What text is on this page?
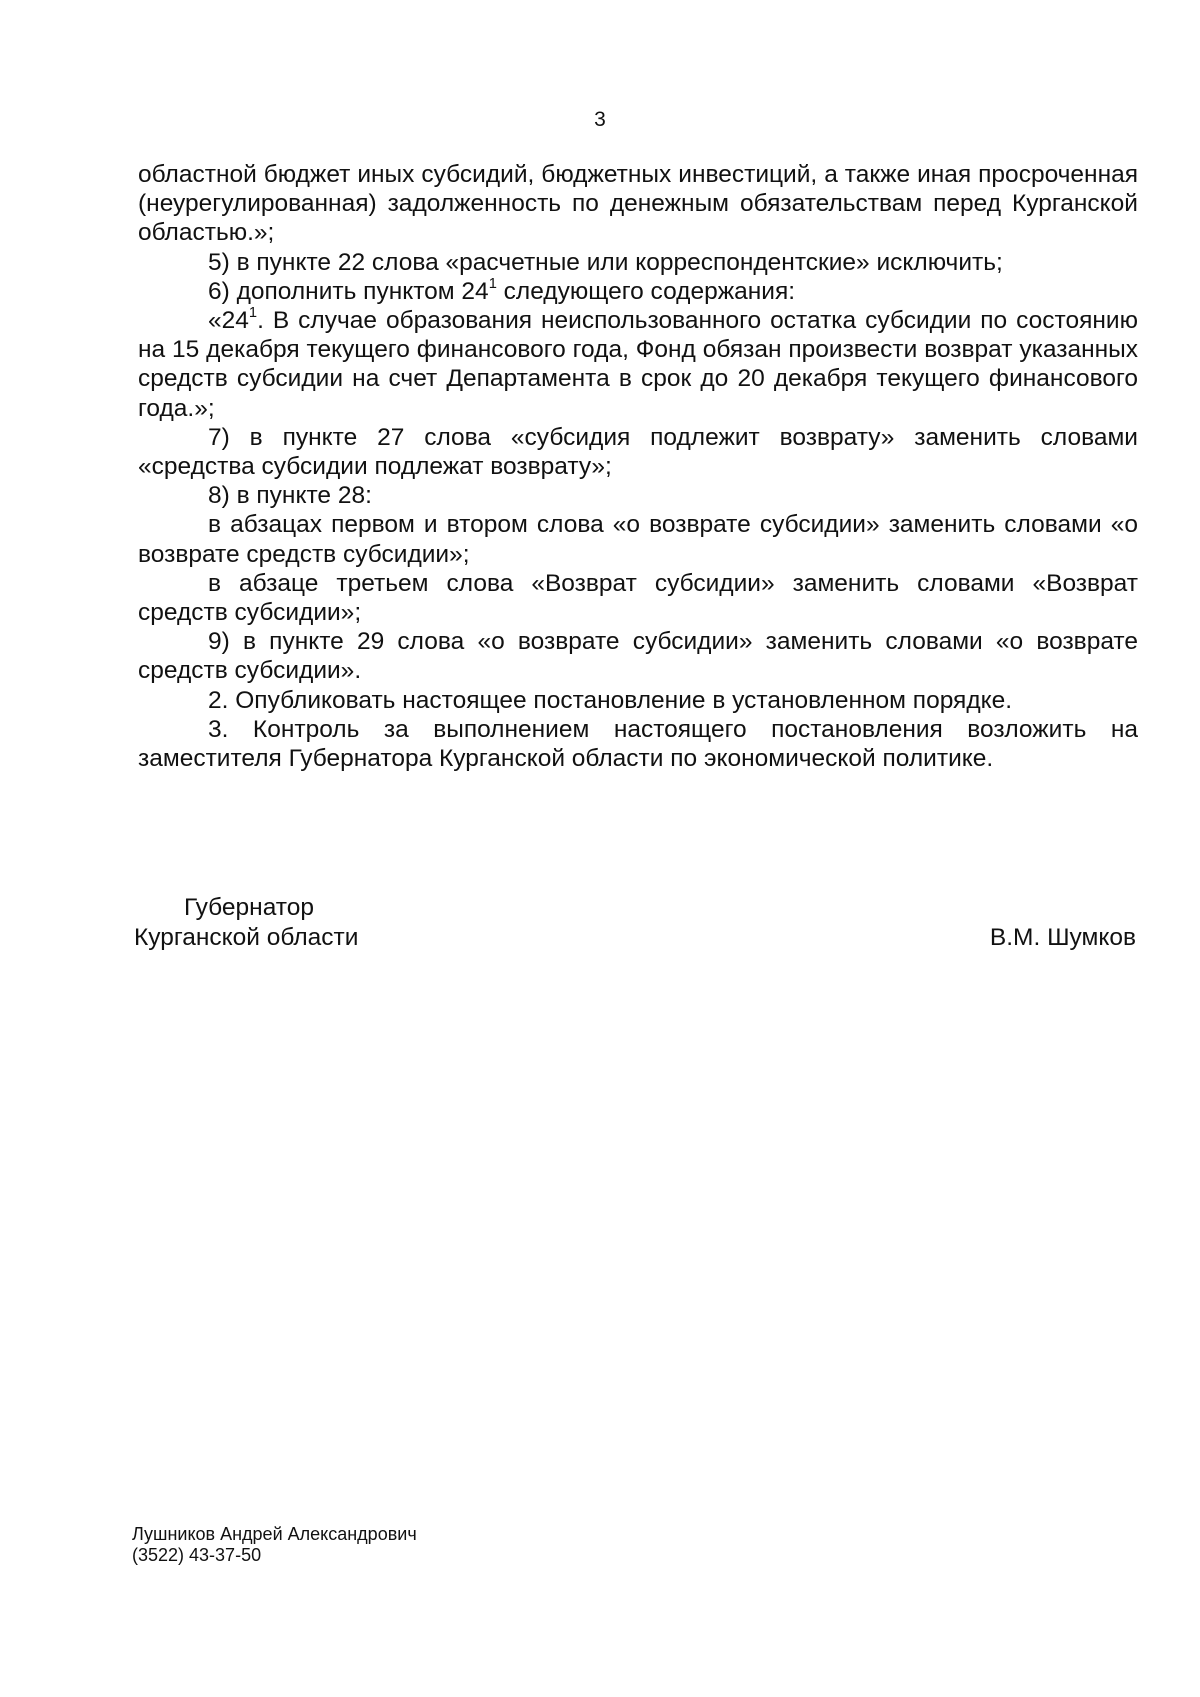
3

областной бюджет иных субсидий, бюджетных инвестиций, а также иная просроченная (неурегулированная) задолженность по денежным обязательствам перед Курганской областью.»;

5) в пункте 22 слова «расчетные или корреспондентские» исключить;

6) дополнить пунктом $24^1$ следующего содержания:

«$24^1$. В случае образования неиспользованного остатка субсидии по состоянию на 15 декабря текущего финансового года, Фонд обязан произвести возврат указанных средств субсидии на счет Департамента в срок до 20 декабря текущего финансового года.»;

7) в пункте 27 слова «субсидия подлежит возврату» заменить словами «средства субсидии подлежат возврату»;

8) в пункте 28:

в абзацах первом и втором слова «о возврате субсидии» заменить словами «о возврате средств субсидии»;

в абзаце третьем слова «Возврат субсидии» заменить словами «Возврат средств субсидии»;

9) в пункте 29 слова «о возврате субсидии» заменить словами «о возврате средств субсидии».

2. Опубликовать настоящее постановление в установленном порядке.

3. Контроль за выполнением настоящего постановления возложить на заместителя Губернатора Курганской области по экономической политике.

Губернатор
Курганской области	В.М. Шумков
Лушников Андрей Александрович
(3522) 43-37-50
